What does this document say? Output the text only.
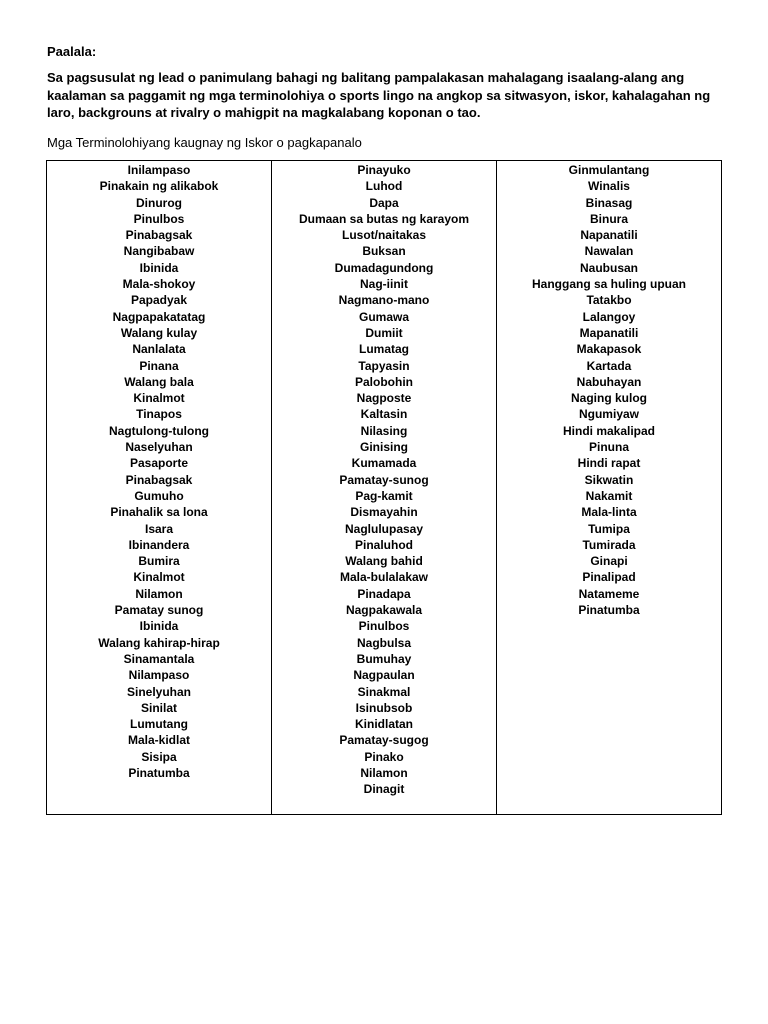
Paalala:
Sa pagsusulat ng lead o panimulang bahagi ng balitang pampalakasan mahalagang isaalang-alang ang kaalaman sa paggamit ng mga terminolohiya o sports lingo na angkop sa sitwasyon, iskor, kahalagahan ng laro, backgrouns at rivalry o mahigpit na magkalabang koponan o tao.
Mga Terminolohiyang kaugnay ng Iskor o pagkapanalo
Inilampaso
Pinakain ng alikabok
Dinurog
Pinulbos
Pinabagsak
Nangibabaw
Ibinida
Mala-shokoy
Papadyak
Nagpapakatatag
Walang kulay
Nanlalata
Pinana
Walang bala
Kinalmot
Tinapos
Nagtulong-tulong
Naselyuhan
Pasaporte
Pinabagsak
Gumuho
Pinahalik sa lona
Isara
Ibinandera
Bumira
Kinalmot
Nilamon
Pamatay sunog
Ibinida
Walang kahirap-hirap
Sinamantala
Nilampaso
Sinelyuhan
Sinilat
Lumutang
Mala-kidlat
Sisipa
Pinatumba
Pinayuko
Luhod
Dapa
Dumaan sa butas ng karayom
Lusot/naitakas
Buksan
Dumadagundong
Nag-iinit
Nagmano-mano
Gumawa
Dumiit
Lumatag
Tapyasin
Palobohin
Nagposte
Kaltasin
Nilasing
Ginising
Kumamada
Pamatay-sunog
Pag-kamit
Dismayahin
Naglulupasay
Pinaluhod
Walang bahid
Mala-bulalakaw
Pinadapa
Nagpakawala
Pinulbos
Nagbulsa
Bumuhay
Nagpaulan
Sinakmal
Isinubsob
Kinidlatan
Pamatay-sugog
Pinako
Nilamon
Dinagit
Ginmulantang
Winalis
Binasag
Binura
Napanatili
Nawalan
Naubusan
Hanggang sa huling upuan
Tatakbo
Lalangoy
Mapanatili
Makapasok
Kartada
Nabuhayan
Naging kulog
Ngumiyaw
Hindi makalipad
Pinuna
Hindi rapat
Sikwatin
Nakamit
Mala-linta
Tumipa
Tumirada
Ginapi
Pinalipad
Natameme
Pinatumba
